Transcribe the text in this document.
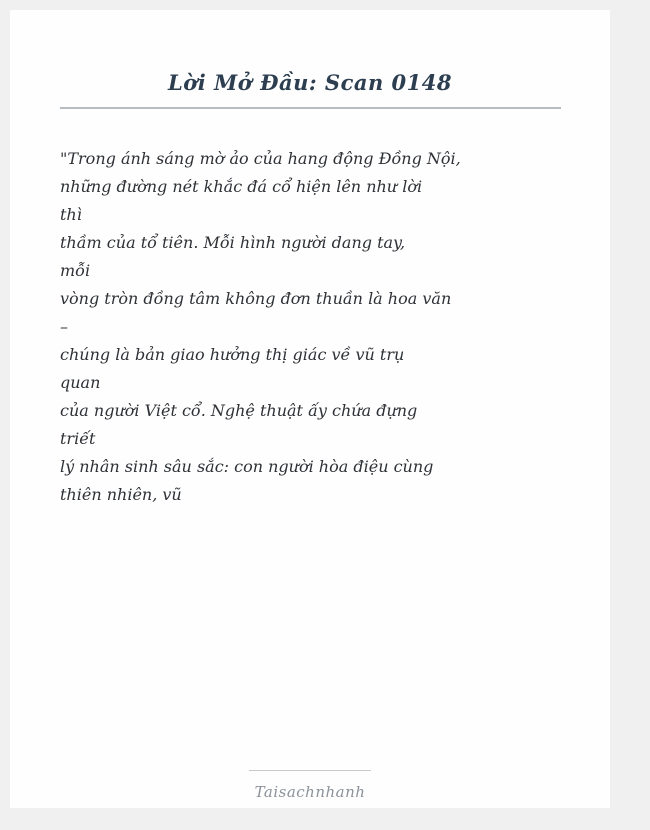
Lời Mở Đầu: Scan 0148

"Trong ánh sáng mờ ảo của hang động Đồng Nội,

những đường nét khắc đá cổ hiện lên như lời

thì

thầm của tổ tiên. Mỗi hình người dang tay,

mỗi

vòng tròn đồng tâm không đơn thuần là hoa văn

–

chúng là bản giao hưởng thị giác về vũ trụ

quan

của người Việt cổ. Nghệ thuật ấy chứa đựng

triết

lý nhân sinh sâu sắc: con người hòa điệu cùng

thiên nhiên, vũ

Taisachnhanh
